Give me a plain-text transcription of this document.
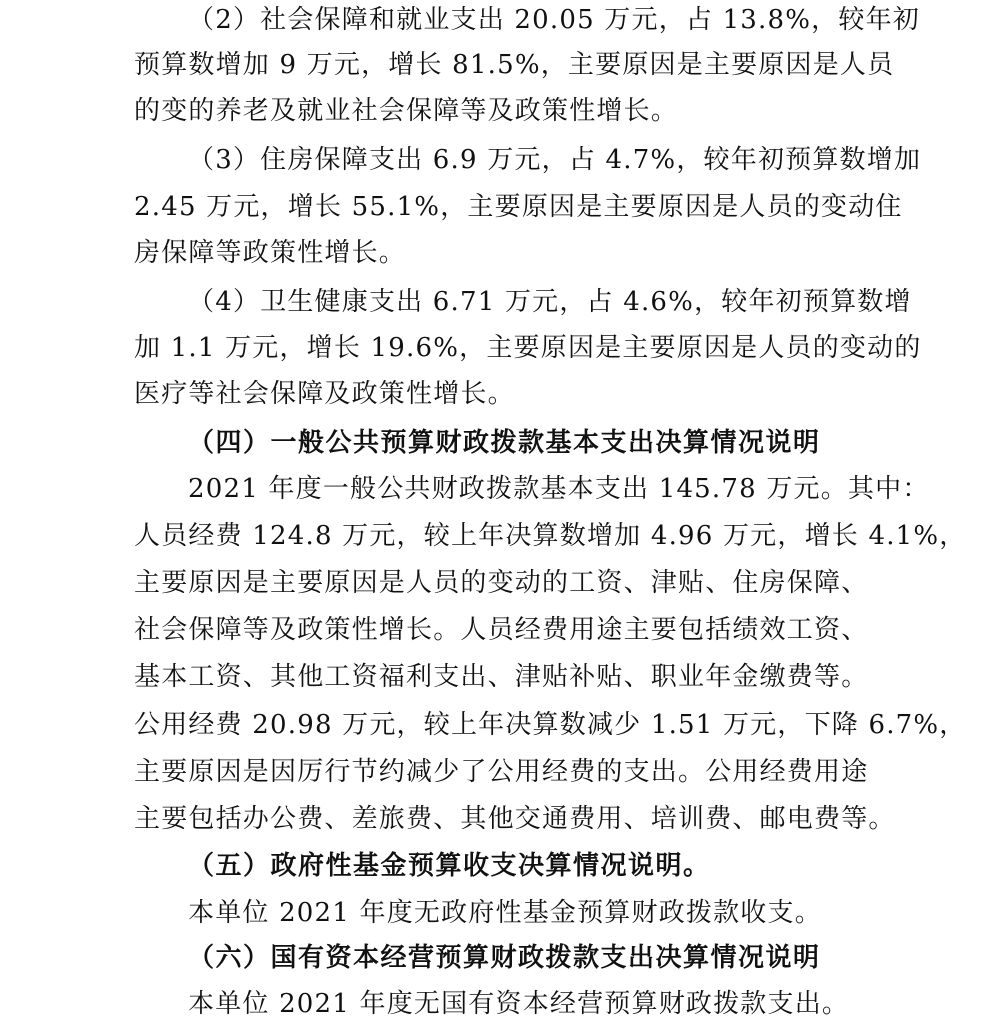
（2）社会保障和就业支出 20.05 万元，占 13.8%，较年初
预算数增加 9 万元，增长 81.5%，主要原因是主要原因是人员
的变的养老及就业社会保障等及政策性增长。
（3）住房保障支出 6.9 万元，占 4.7%，较年初预算数增加
2.45 万元，增长 55.1%，主要原因是主要原因是人员的变动住
房保障等政策性增长。
（4）卫生健康支出 6.71 万元，占 4.6%，较年初预算数增
加 1.1 万元，增长 19.6%，主要原因是主要原因是人员的变动的
医疗等社会保障及政策性增长。
（四）一般公共预算财政拨款基本支出决算情况说明
2021 年度一般公共财政拨款基本支出 145.78 万元。其中：
人员经费 124.8 万元，较上年决算数增加 4.96 万元，增长 4.1%，
主要原因是主要原因是人员的变动的工资、津贴、住房保障、
社会保障等及政策性增长。人员经费用途主要包括绩效工资、
基本工资、其他工资福利支出、津贴补贴、职业年金缴费等。
公用经费 20.98 万元，较上年决算数减少 1.51 万元，下降 6.7%，
主要原因是因厉行节约减少了公用经费的支出。公用经费用途
主要包括办公费、差旅费、其他交通费用、培训费、邮电费等。
（五）政府性基金预算收支决算情况说明。
本单位 2021 年度无政府性基金预算财政拨款收支。
（六）国有资本经营预算财政拨款支出决算情况说明
本单位 2021 年度无国有资本经营预算财政拨款支出。
